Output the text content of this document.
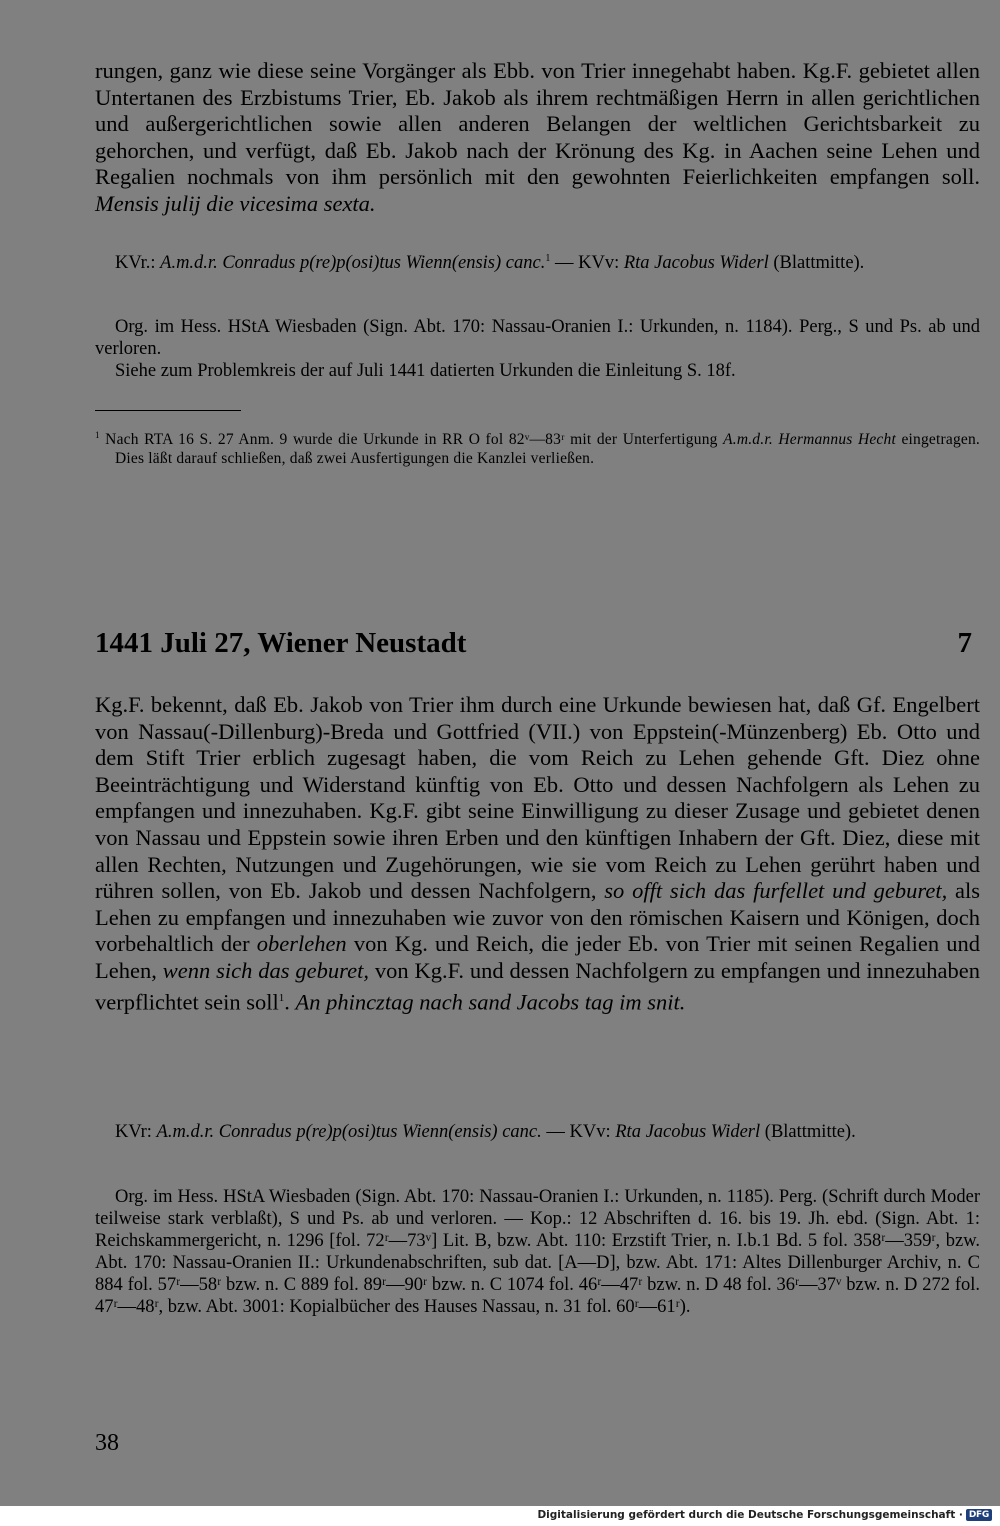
rungen, ganz wie diese seine Vorgänger als Ebb. von Trier innegehabt haben. Kg.F. gebietet allen Untertanen des Erzbistums Trier, Eb. Jakob als ihrem rechtmäßigen Herrn in allen gerichtlichen und außergerichtlichen sowie allen anderen Belangen der weltlichen Gerichtsbarkeit zu gehorchen, und verfügt, daß Eb. Jakob nach der Krönung des Kg. in Aachen seine Lehen und Regalien nochmals von ihm persönlich mit den gewohnten Feierlichkeiten empfangen soll. Mensis julij die vicesima sexta.

KVr.: A.m.d.r. Conradus p(re)p(osi)tus Wienn(ensis) canc.$^1$ — KVv: Rta Jacobus Widerl (Blattmitte).

Org. im Hess. HStA Wiesbaden (Sign. Abt. 170: Nassau-Oranien I.: Urkunden, n. 1184). Perg., S und Ps. ab und verloren.

Siehe zum Problemkreis der auf Juli 1441 datierten Urkunden die Einleitung S. 18f.

$^1$ Nach RTA 16 S. 27 Anm. 9 wurde die Urkunde in RR O fol 82ᵛ—83ʳ mit der Unterfertigung A.m.d.r. Hermannus Hecht eingetragen. Dies läßt darauf schließen, daß zwei Ausfertigungen die Kanzlei verließen.

1441 Juli 27, Wiener Neustadt	7

Kg.F. bekennt, daß Eb. Jakob von Trier ihm durch eine Urkunde bewiesen hat, daß Gf. Engelbert von Nassau(-Dillenburg)-Breda und Gottfried (VII.) von Eppstein(-Münzenberg) Eb. Otto und dem Stift Trier erblich zugesagt haben, die vom Reich zu Lehen gehende Gft. Diez ohne Beeinträchtigung und Widerstand künftig von Eb. Otto und dessen Nachfolgern als Lehen zu empfangen und innezuhaben. Kg.F. gibt seine Einwilligung zu dieser Zusage und gebietet denen von Nassau und Eppstein sowie ihren Erben und den künftigen Inhabern der Gft. Diez, diese mit allen Rechten, Nutzungen und Zugehörungen, wie sie vom Reich zu Lehen gerührt haben und rühren sollen, von Eb. Jakob und dessen Nachfolgern, so offt sich das furfellet und geburet, als Lehen zu empfangen und innezuhaben wie zuvor von den römischen Kaisern und Königen, doch vorbehaltlich der oberlehen von Kg. und Reich, die jeder Eb. von Trier mit seinen Regalien und Lehen, wenn sich das geburet, von Kg.F. und dessen Nachfolgern zu empfangen und innezuhaben verpflichtet sein soll$^1$. An phincztag nach sand Jacobs tag im snit.

KVr: A.m.d.r. Conradus p(re)p(osi)tus Wienn(ensis) canc. — KVv: Rta Jacobus Widerl (Blattmitte).

Org. im Hess. HStA Wiesbaden (Sign. Abt. 170: Nassau-Oranien I.: Urkunden, n. 1185). Perg. (Schrift durch Moder teilweise stark verblaßt), S und Ps. ab und verloren. — Kop.: 12 Abschriften d. 16. bis 19. Jh. ebd. (Sign. Abt. 1: Reichskammergericht, n. 1296 [fol. 72ʳ—73ᵛ] Lit. B, bzw. Abt. 110: Erzstift Trier, n. I.b.1 Bd. 5 fol. 358ʳ—359ʳ, bzw. Abt. 170: Nassau-Oranien II.: Urkundenabschriften, sub dat. [A—D], bzw. Abt. 171: Altes Dillenburger Archiv, n. C 884 fol. 57ʳ—58ʳ bzw. n. C 889 fol. 89ʳ—90ʳ bzw. n. C 1074 fol. 46ʳ—47ʳ bzw. n. D 48 fol. 36ʳ—37ᵛ bzw. n. D 272 fol. 47ʳ—48ʳ, bzw. Abt. 3001: Kopialbücher des Hauses Nassau, n. 31 fol. 60ʳ—61ʳ).

38
Digitalisierung gefördert durch die Deutsche Forschungsgemeinschaft · DFG
